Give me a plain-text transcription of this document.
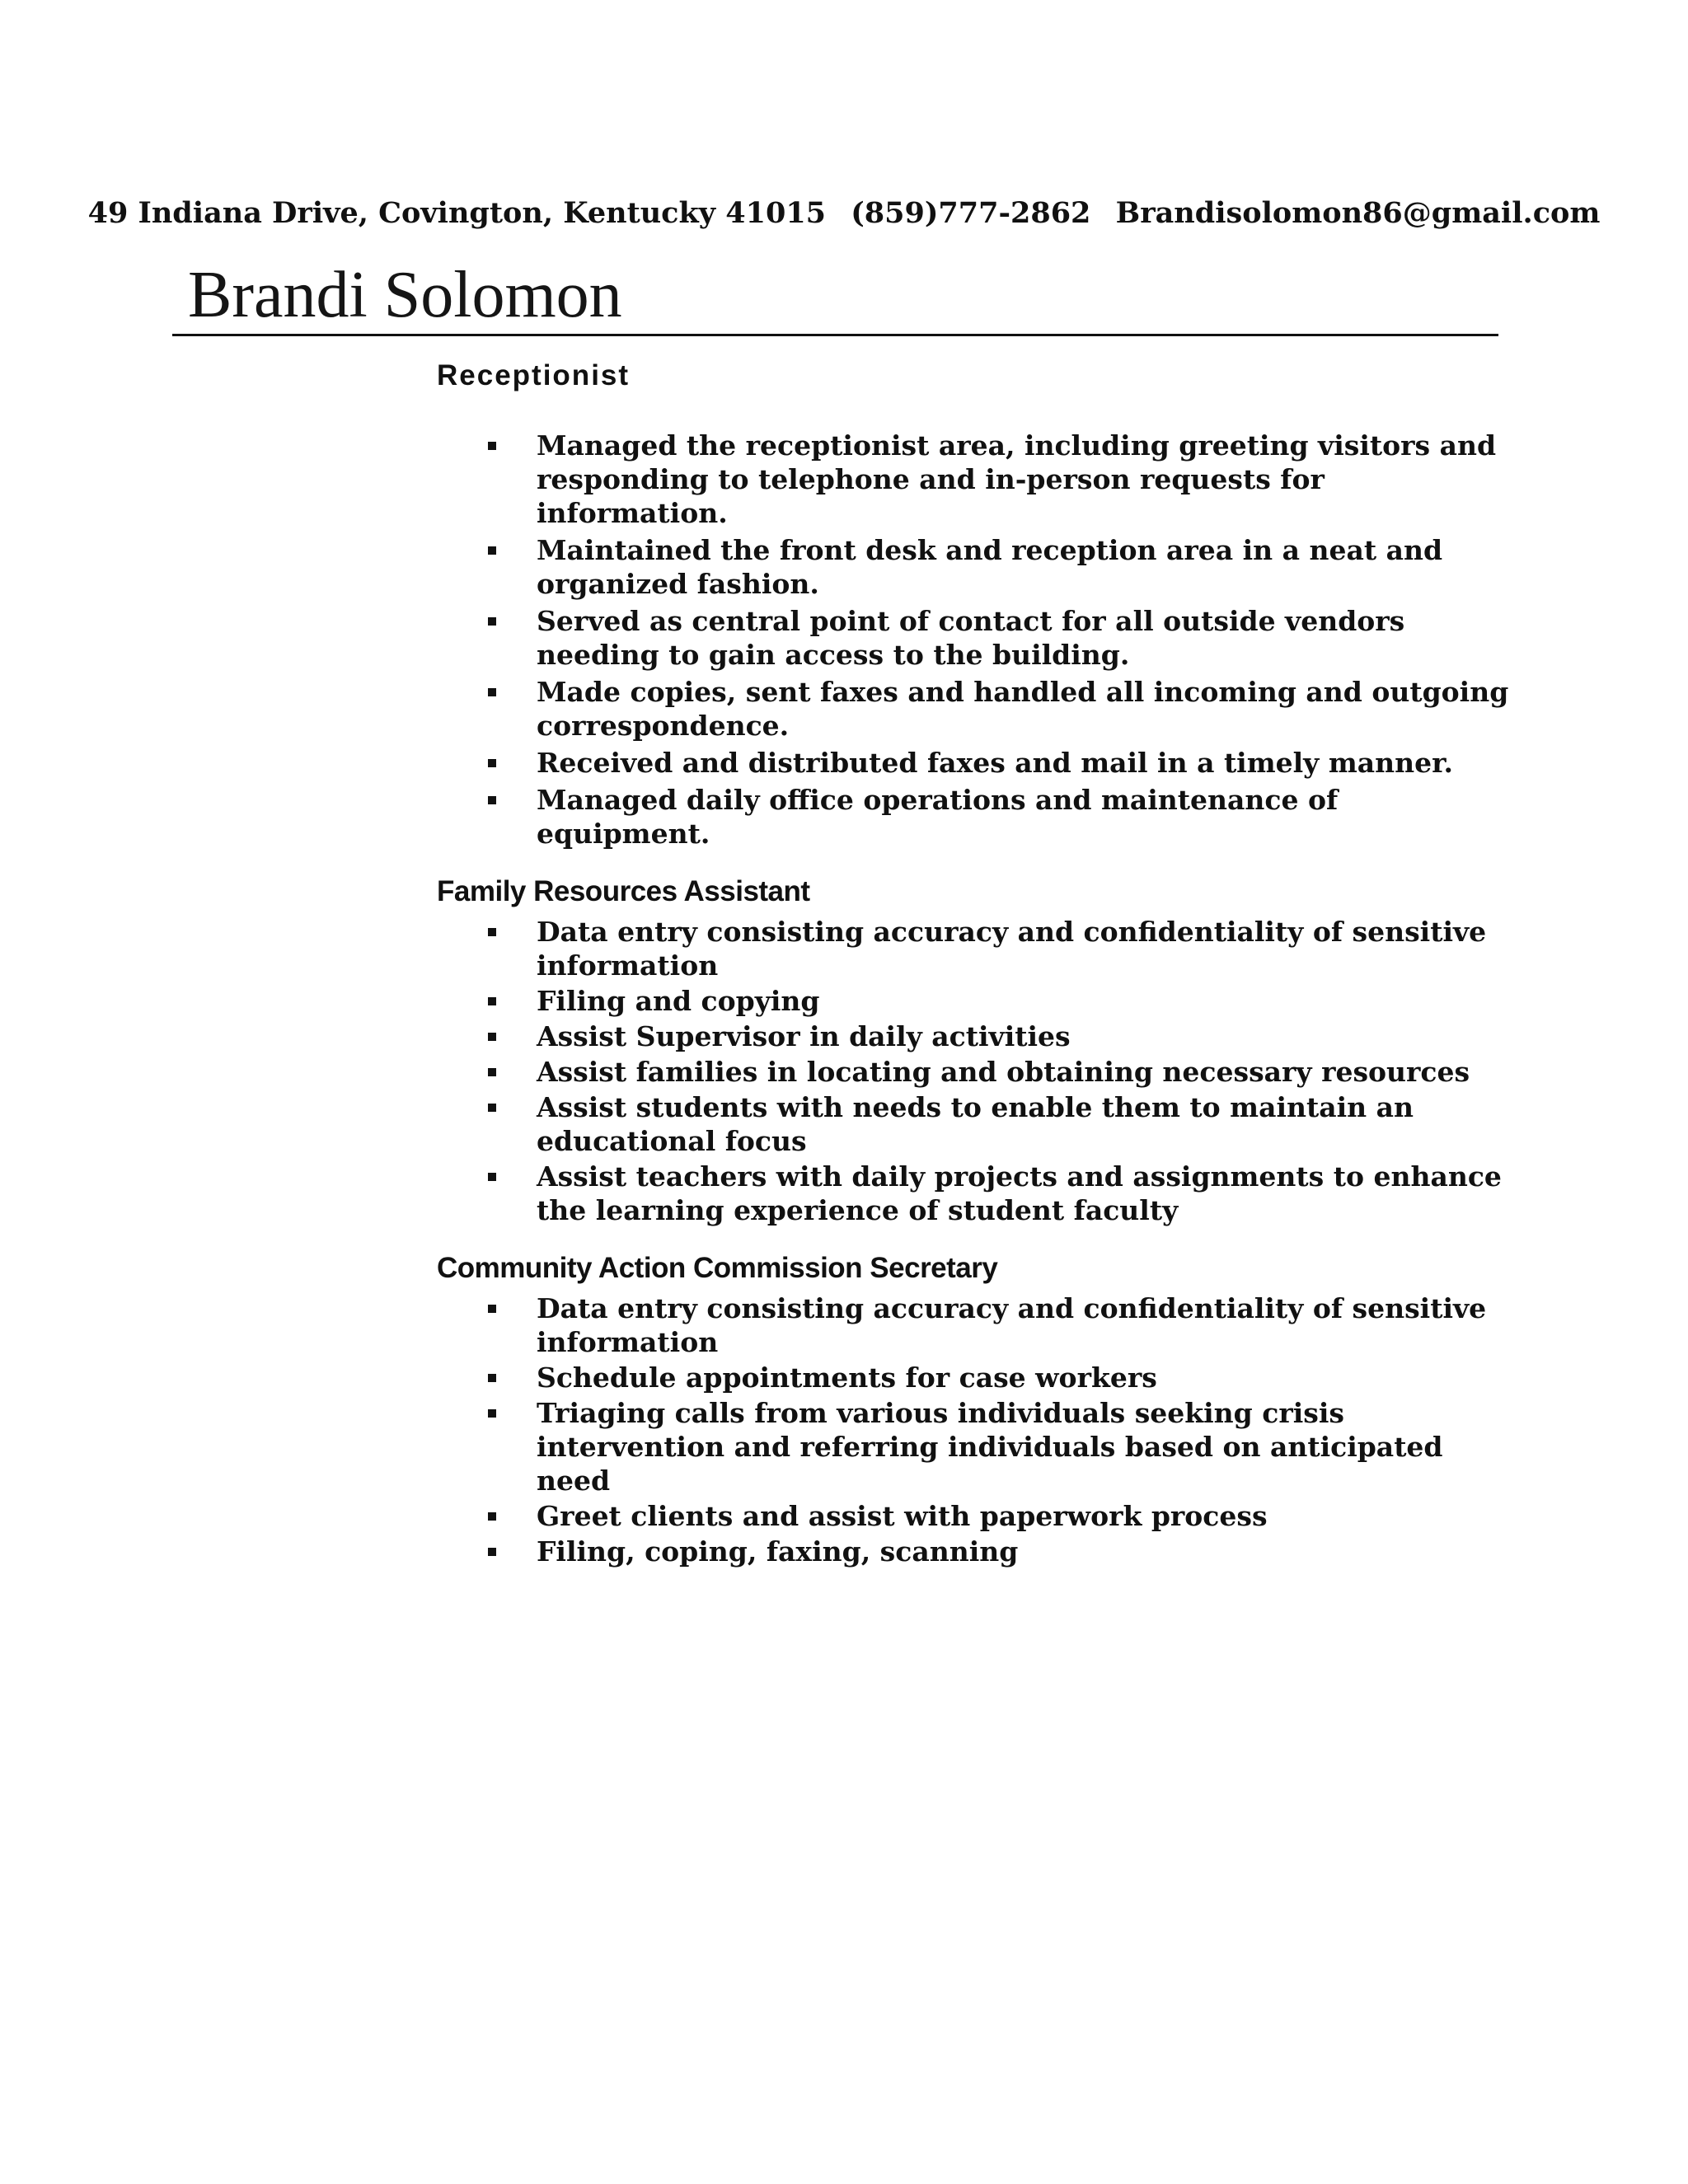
49 Indiana Drive, Covington, Kentucky 41015 (859)777-2862 Brandisolomon86@gmail.com
Brandi Solomon
Receptionist
Managed the receptionist area, including greeting visitors and responding to telephone and in-person requests for information.
Maintained the front desk and reception area in a neat and organized fashion.
Served as central point of contact for all outside vendors needing to gain access to the building.
Made copies, sent faxes and handled all incoming and outgoing correspondence.
Received and distributed faxes and mail in a timely manner.
Managed daily office operations and maintenance of equipment.
Family Resources Assistant
Data entry consisting accuracy and confidentiality of sensitive information
Filing and copying
Assist Supervisor in daily activities
Assist families in locating and obtaining necessary resources
Assist students with needs to enable them to maintain an educational focus
Assist teachers with daily projects and assignments to enhance the learning experience of student faculty
Community Action Commission Secretary
Data entry consisting accuracy and confidentiality of sensitive information
Schedule appointments for case workers
Triaging calls from various individuals seeking crisis intervention and referring individuals based on anticipated need
Greet clients and assist with paperwork process
Filing, coping, faxing, scanning
